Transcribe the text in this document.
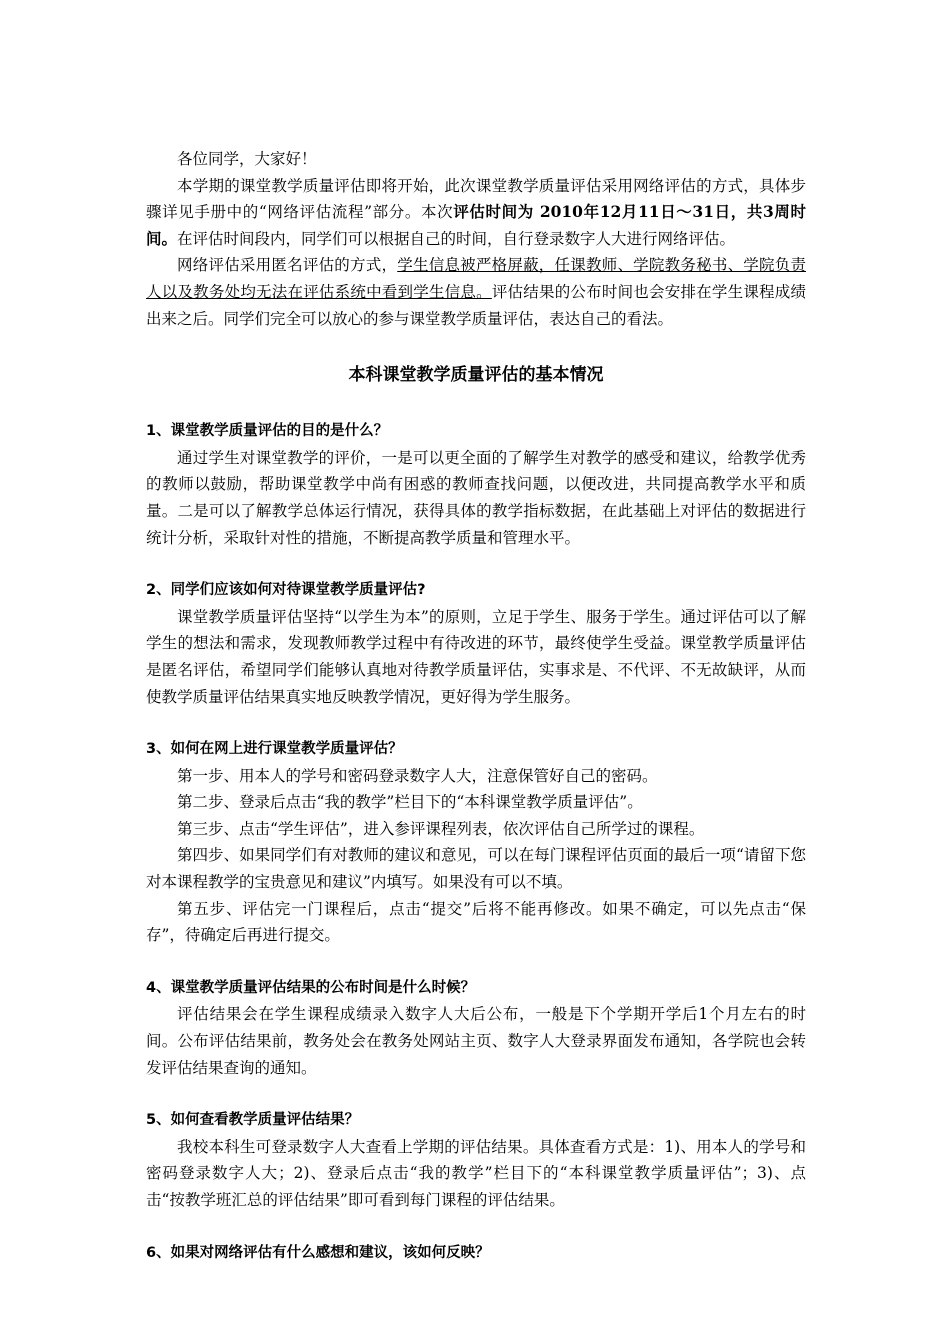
各位同学，大家好！

本学期的课堂教学质量评估即将开始，此次课堂教学质量评估采用网络评估的方式，具体步骤详见手册中的“网络评估流程”部分。本次评估时间为 2010年12月11日～31日，共3周时间。在评估时间段内，同学们可以根据自己的时间，自行登录数字人大进行网络评估。

网络评估采用匿名评估的方式，学生信息被严格屏蔽，任课教师、学院教务秘书、学院负责人以及教务处均无法在评估系统中看到学生信息。评估结果的公布时间也会安排在学生课程成绩出来之后。同学们完全可以放心的参与课堂教学质量评估，表达自己的看法。

本科课堂教学质量评估的基本情况

1、课堂教学质量评估的目的是什么？

通过学生对课堂教学的评价，一是可以更全面的了解学生对教学的感受和建议，给教学优秀的教师以鼓励，帮助课堂教学中尚有困惑的教师查找问题，以便改进，共同提高教学水平和质量。二是可以了解教学总体运行情况，获得具体的教学指标数据，在此基础上对评估的数据进行统计分析，采取针对性的措施，不断提高教学质量和管理水平。

2、同学们应该如何对待课堂教学质量评估?

课堂教学质量评估坚持“以学生为本”的原则，立足于学生、服务于学生。通过评估可以了解学生的想法和需求，发现教师教学过程中有待改进的环节，最终使学生受益。课堂教学质量评估是匿名评估，希望同学们能够认真地对待教学质量评估，实事求是、不代评、不无故缺评，从而使教学质量评估结果真实地反映教学情况，更好得为学生服务。

3、如何在网上进行课堂教学质量评估？

第一步、用本人的学号和密码登录数字人大，注意保管好自己的密码。

第二步、登录后点击“我的教学”栏目下的“本科课堂教学质量评估”。

第三步、点击“学生评估”，进入参评课程列表，依次评估自己所学过的课程。

第四步、如果同学们有对教师的建议和意见，可以在每门课程评估页面的最后一项“请留下您对本课程教学的宝贵意见和建议”内填写。如果没有可以不填。

第五步、评估完一门课程后，点击“提交”后将不能再修改。如果不确定，可以先点击“保存”，待确定后再进行提交。

4、课堂教学质量评估结果的公布时间是什么时候？

评估结果会在学生课程成绩录入数字人大后公布，一般是下个学期开学后1个月左右的时间。公布评估结果前，教务处会在教务处网站主页、数字人大登录界面发布通知，各学院也会转发评估结果查询的通知。

5、如何查看教学质量评估结果？

我校本科生可登录数字人大查看上学期的评估结果。具体查看方式是：1)、用本人的学号和密码登录数字人大；2)、登录后点击“我的教学”栏目下的“本科课堂教学质量评估”；3)、点击“按教学班汇总的评估结果”即可看到每门课程的评估结果。

6、如果对网络评估有什么感想和建议，该如何反映？
